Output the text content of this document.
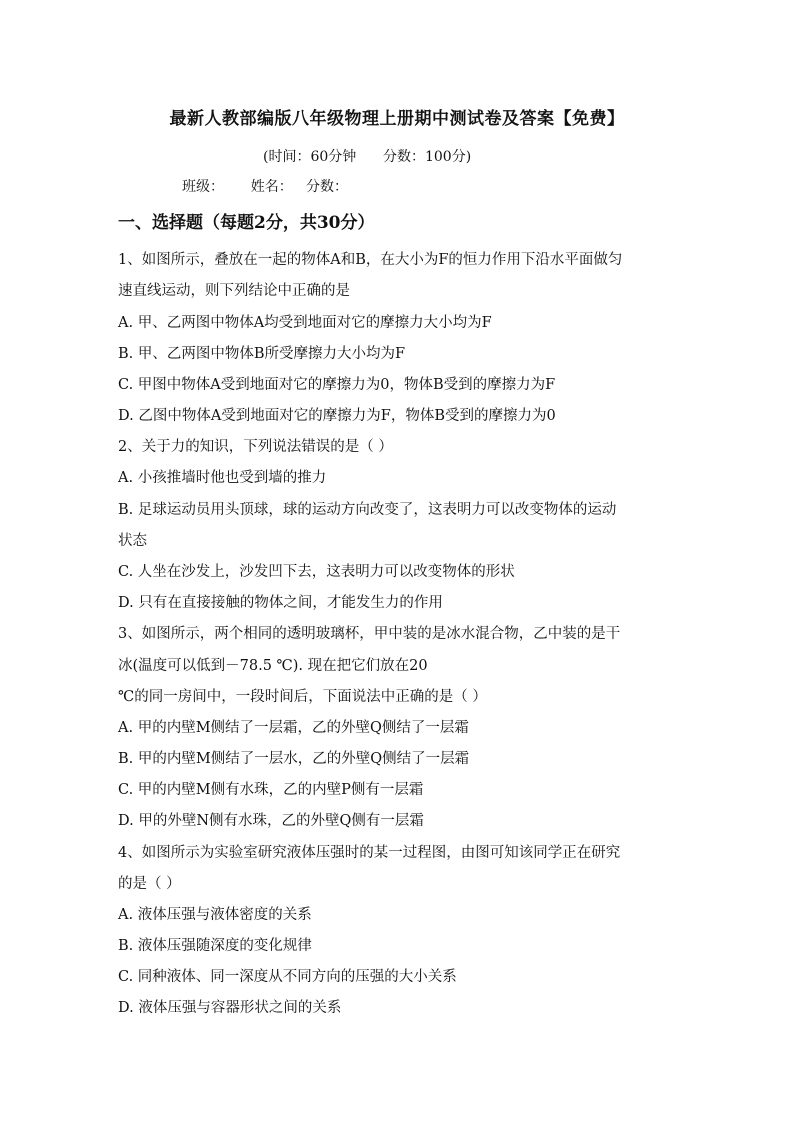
最新人教部编版八年级物理上册期中测试卷及答案【免费】
(时间：60分钟      分数：100分)
班级：      姓名：   分数：
一、选择题（每题2分，共30分）
1、如图所示，叠放在一起的物体A和B，在大小为F的恒力作用下沿水平面做匀
速直线运动，则下列结论中正确的是
A. 甲、乙两图中物体A均受到地面对它的摩擦力大小均为F
B. 甲、乙两图中物体B所受摩擦力大小均为F
C. 甲图中物体A受到地面对它的摩擦力为0，物体B受到的摩擦力为F
D. 乙图中物体A受到地面对它的摩擦力为F，物体B受到的摩擦力为0
2、关于力的知识，下列说法错误的是（ ）
A. 小孩推墙时他也受到墙的推力
B. 足球运动员用头顶球，球的运动方向改变了，这表明力可以改变物体的运动
状态
C. 人坐在沙发上，沙发凹下去，这表明力可以改变物体的形状
D. 只有在直接接触的物体之间，才能发生力的作用
3、如图所示，两个相同的透明玻璃杯，甲中装的是冰水混合物，乙中装的是干
冰(温度可以低到－78.5 ℃). 现在把它们放在20
℃的同一房间中，一段时间后，下面说法中正确的是（ ）
A. 甲的内壁M侧结了一层霜，乙的外壁Q侧结了一层霜
B. 甲的内壁M侧结了一层水，乙的外壁Q侧结了一层霜
C. 甲的内壁M侧有水珠，乙的内壁P侧有一层霜
D. 甲的外壁N侧有水珠，乙的外壁Q侧有一层霜
4、如图所示为实验室研究液体压强时的某一过程图，由图可知该同学正在研究
的是（ ）
A. 液体压强与液体密度的关系
B. 液体压强随深度的变化规律
C. 同种液体、同一深度从不同方向的压强的大小关系
D. 液体压强与容器形状之间的关系
